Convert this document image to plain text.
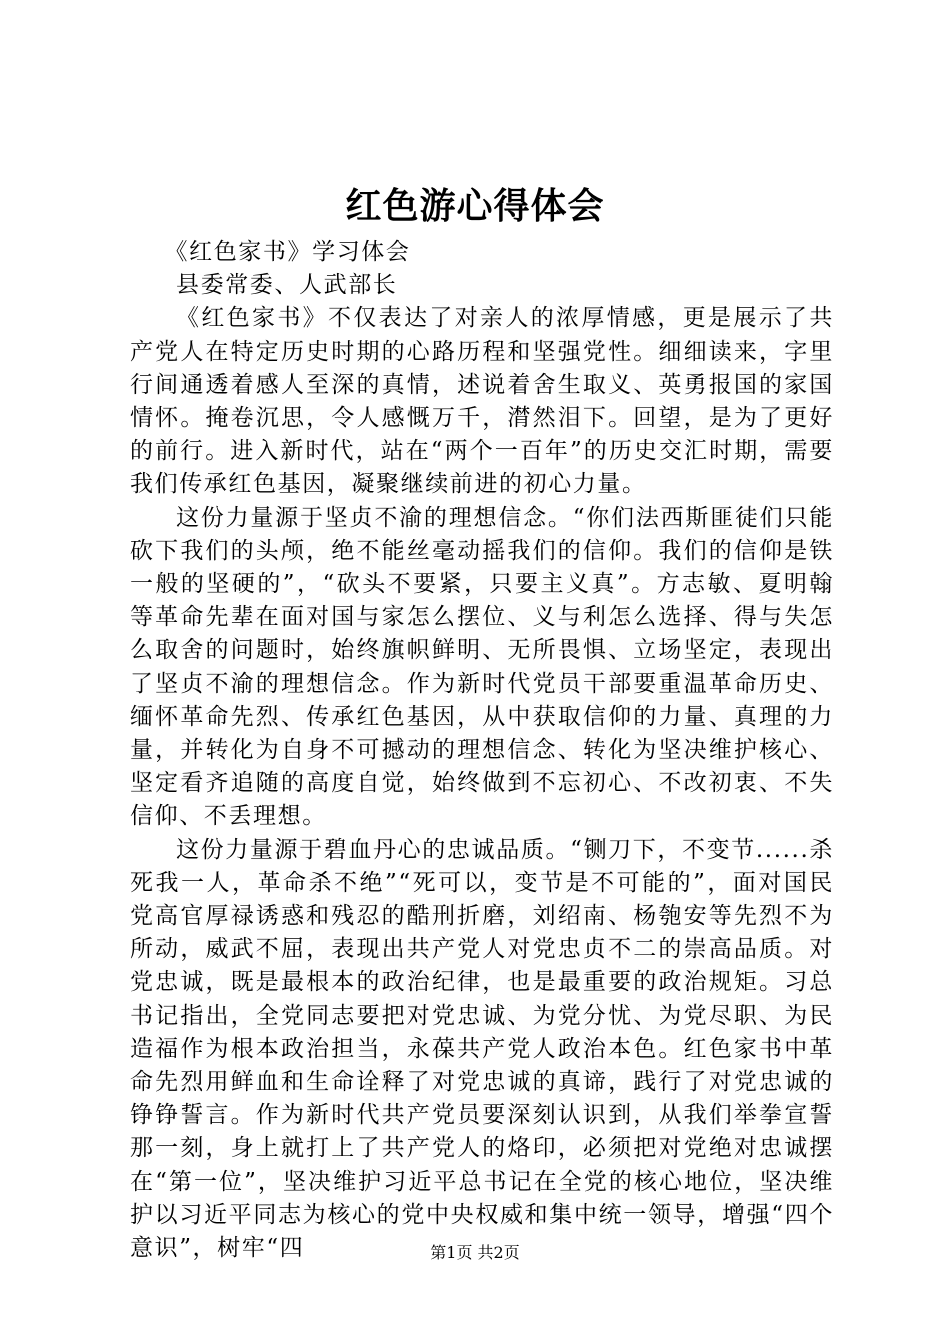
红色游心得体会

《红色家书》学习体会

县委常委、人武部长

《红色家书》不仅表达了对亲人的浓厚情感，更是展示了共产党人在特定历史时期的心路历程和坚强党性。细细读来，字里行间通透着感人至深的真情，述说着舍生取义、英勇报国的家国情怀。掩卷沉思，令人感慨万千，潸然泪下。回望，是为了更好的前行。进入新时代，站在“两个一百年”的历史交汇时期，需要我们传承红色基因，凝聚继续前进的初心力量。

这份力量源于坚贞不渝的理想信念。“你们法西斯匪徒们只能砍下我们的头颅，绝不能丝毫动摇我们的信仰。我们的信仰是铁一般的坚硬的”，“砍头不要紧，只要主义真”。方志敏、夏明翰等革命先辈在面对国与家怎么摆位、义与利怎么选择、得与失怎么取舍的问题时，始终旗帜鲜明、无所畏惧、立场坚定，表现出了坚贞不渝的理想信念。作为新时代党员干部要重温革命历史、缅怀革命先烈、传承红色基因，从中获取信仰的力量、真理的力量，并转化为自身不可撼动的理想信念、转化为坚决维护核心、坚定看齐追随的高度自觉，始终做到不忘初心、不改初衷、不失信仰、不丢理想。

这份力量源于碧血丹心的忠诚品质。“铡刀下，不变节......杀死我一人，革命杀不绝”“死可以，变节是不可能的”，面对国民党高官厚禄诱惑和残忍的酷刑折磨，刘绍南、杨匏安等先烈不为所动，威武不屈，表现出共产党人对党忠贞不二的崇高品质。对党忠诚，既是最根本的政治纪律，也是最重要的政治规矩。习总书记指出，全党同志要把对党忠诚、为党分忧、为党尽职、为民造福作为根本政治担当，永葆共产党人政治本色。红色家书中革命先烈用鲜血和生命诠释了对党忠诚的真谛，践行了对党忠诚的铮铮誓言。作为新时代共产党员要深刻认识到，从我们举拳宣誓那一刻，身上就打上了共产党人的烙印，必须把对党绝对忠诚摆在“第一位”，坚决维护习近平总书记在全党的核心地位，坚决维护以习近平同志为核心的党中央权威和集中统一领导，增强“四个意识”，树牢“四	第1页 共2页
